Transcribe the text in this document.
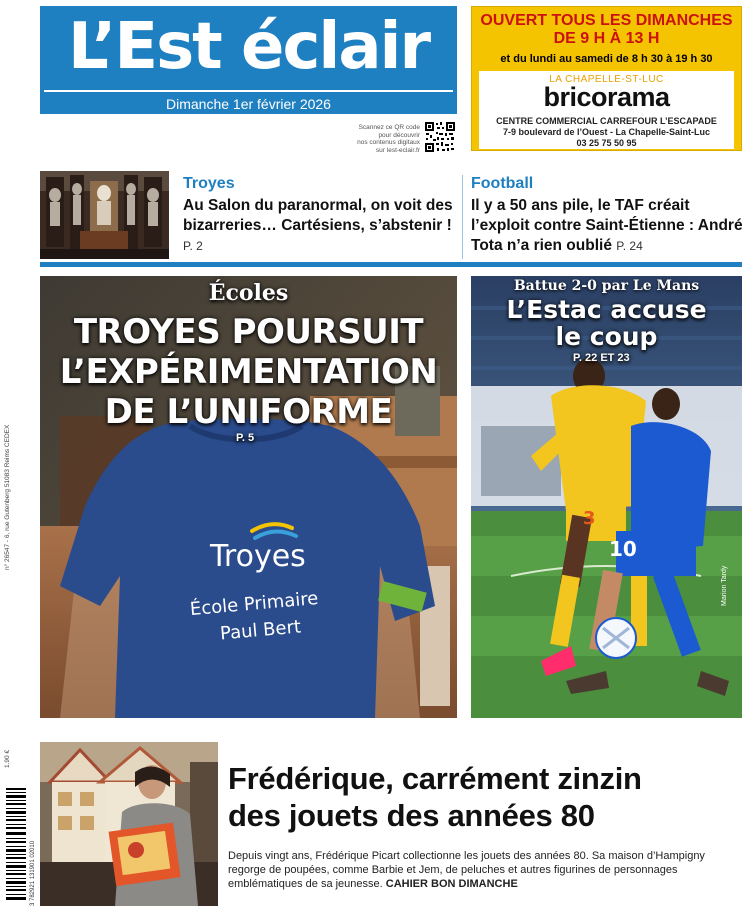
L’Est éclair
Dimanche 1er février 2026
OUVERT TOUS LES DIMANCHES
DE 9 H À 13 H
et du lundi au samedi de 8 h 30 à 19 h 30
LA CHAPELLE-ST-LUC
bricorama
CENTRE COMMERCIAL CARREFOUR L’ESCAPADE
7-9 boulevard de l’Ouest - La Chapelle-Saint-Luc
03 25 75 50 95
Scannez ce QR code
pour découvrir
nos contenus digitaux
sur lest-eclair.fr
Troyes
Au Salon du paranormal, on voit des bizarreries… Cartésiens, s’abstenir ! P. 2
Football
Il y a 50 ans pile, le TAF créait l’exploit contre Saint-Étienne : André Tota n’a rien oublié P. 24
Troyes
École Primaire
Paul Bert
Écoles
TROYES POURSUIT
L’EXPÉRIMENTATION
DE L’UNIFORME
P. 5
3
10
Battue 2-0 par Le Mans
L’Estac accuse
le coup
P. 22 ET 23
Marion Tardy
Frédérique, carrément zinzin
des jouets des années 80
Depuis vingt ans, Frédérique Picart collectionne les jouets des années 80. Sa maison d’Hampigny regorge de poupées, comme Barbie et Jem, de peluches et autres figurines de personnages emblématiques de sa jeunesse. CAHIER BON DIMANCHE
n° 26547 - 6, rue Gutenberg 51083 Reims CEDEX
1.90 €
3 782921 131901 02010
